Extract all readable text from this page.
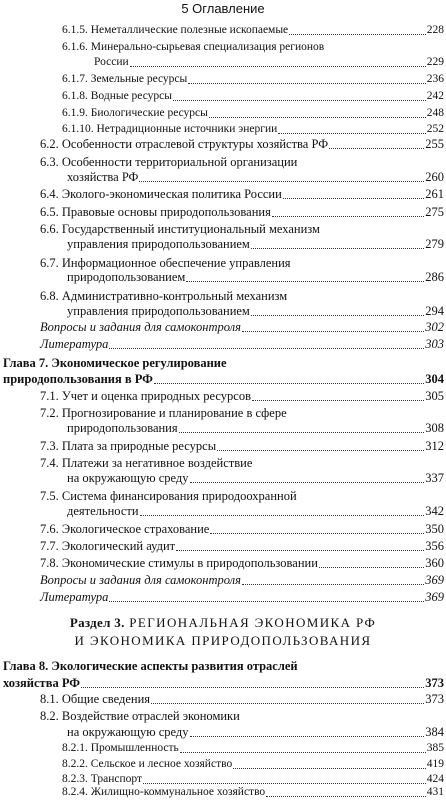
5 Оглавление
6.1.5. Неметаллические полезные ископаемые	228
6.1.6. Минерально-сырьевая специализация регионов
России	229
6.1.7. Земельные ресурсы	236
6.1.8. Водные ресурсы	242
6.1.9. Биологические ресурсы	248
6.1.10. Нетрадиционные источники энергии	252
6.2. Особенности отраслевой структуры хозяйства РФ	255
6.3. Особенности территориальной организации
хозяйства РФ	260
6.4. Эколого-экономическая политика России	261
6.5. Правовые основы природопользования	275
6.6. Государственный институциональный механизм
управления природопользованием	279
6.7. Информационное обеспечение управления
природопользованием	286
6.8. Административно-контрольный механизм
управления природопользованием	294
Вопросы и задания для самоконтроля	302
Литература	303
Глава 7. Экономическое регулирование
природопользования в РФ	304
7.1. Учет и оценка природных ресурсов	305
7.2. Прогнозирование и планирование в сфере
природопользования	308
7.3. Плата за природные ресурсы	312
7.4. Платежи за негативное воздействие
на окружающую среду	337
7.5. Система финансирования природоохранной
деятельности	342
7.6. Экологическое страхование	350
7.7. Экологический аудит	356
7.8. Экономические стимулы в природопользовании	360
Вопросы и задания для самоконтроля	369
Литература	369
Раздел 3. РЕГИОНАЛЬНАЯ ЭКОНОМИКА РФ
И ЭКОНОМИКА ПРИРОДОПОЛЬЗОВАНИЯ
Глава 8. Экологические аспекты развития отраслей
хозяйства РФ	373
8.1. Общие сведения	373
8.2. Воздействие отраслей экономики
на окружающую среду	384
8.2.1. Промышленность	385
8.2.2. Сельское и лесное хозяйство	419
8.2.3. Транспорт	424
8.2.4. Жилищно-коммунальное хозяйство	431
